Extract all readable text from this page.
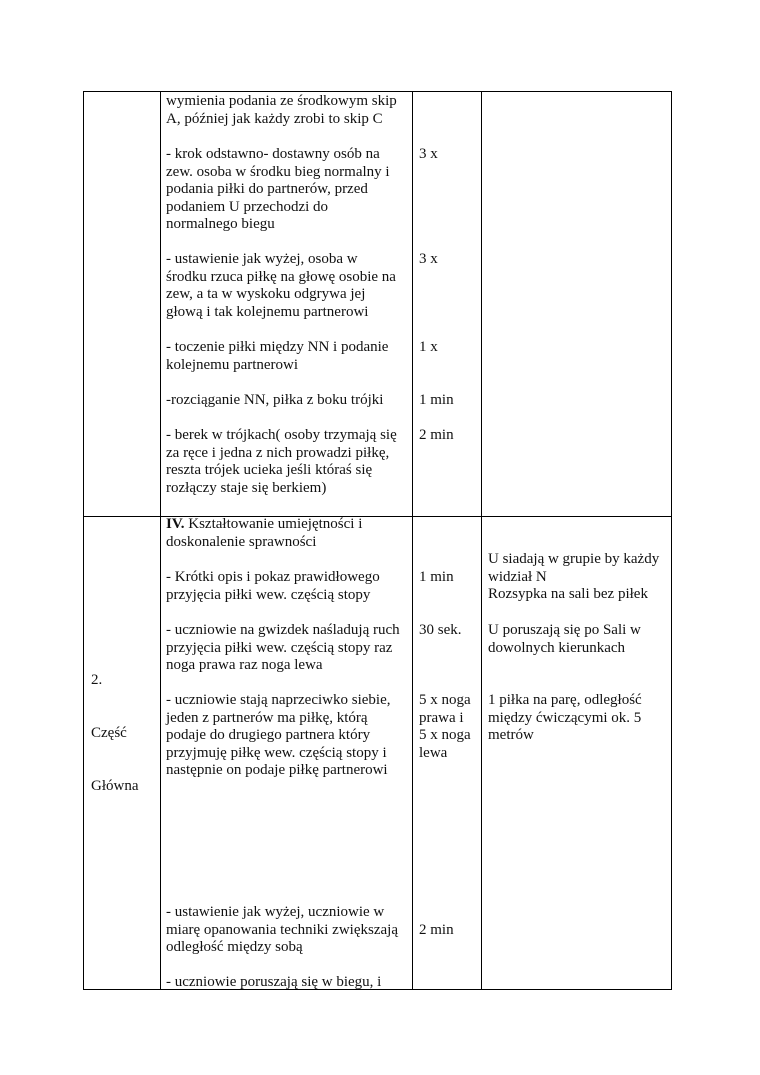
wymienia podania ze środkowym skip
A, później jak każdy zrobi to skip C
- krok odstawno- dostawny osób na
zew. osoba w środku bieg normalny i
podania piłki do partnerów, przed
podaniem U przechodzi do
normalnego biegu
3 x
- ustawienie jak wyżej, osoba w
środku rzuca piłkę na głowę osobie na
zew, a ta w wyskoku odgrywa jej
głową i tak kolejnemu partnerowi
3 x
- toczenie piłki między NN i podanie
kolejnemu partnerowi
1 x
-rozciąganie NN, piłka z boku trójki 1 min
- berek w trójkach( osoby trzymają się
za ręce i jedna z nich prowadzi piłkę,
reszta trójek ucieka jeśli któraś się
rozłączy staje się berkiem)
2 min
2.
Część
Główna
IV. Kształtowanie umiejętności i
doskonalenie sprawności
- Krótki opis i pokaz prawidłowego
przyjęcia piłki wew. częścią stopy
1 min
U siadają w grupie by każdy
widział N
Rozsypka na sali bez piłek
- uczniowie na gwizdek naśladują ruch
przyjęcia piłki wew. częścią stopy raz
noga prawa raz noga lewa
30 sek. U poruszają się po Sali w
dowolnych kierunkach
- uczniowie stają naprzeciwko siebie,
jeden z partnerów ma piłkę, którą
podaje do drugiego partnera który
przyjmuję piłkę wew. częścią stopy i
następnie on podaje piłkę partnerowi
5 x noga
prawa i
5 x noga
lewa
1 piłka na parę, odległość
między ćwiczącymi ok. 5
metrów
- ustawienie jak wyżej, uczniowie w
miarę opanowania techniki zwiększają
odległość między sobą
2 min
- uczniowie poruszają się w biegu, i
